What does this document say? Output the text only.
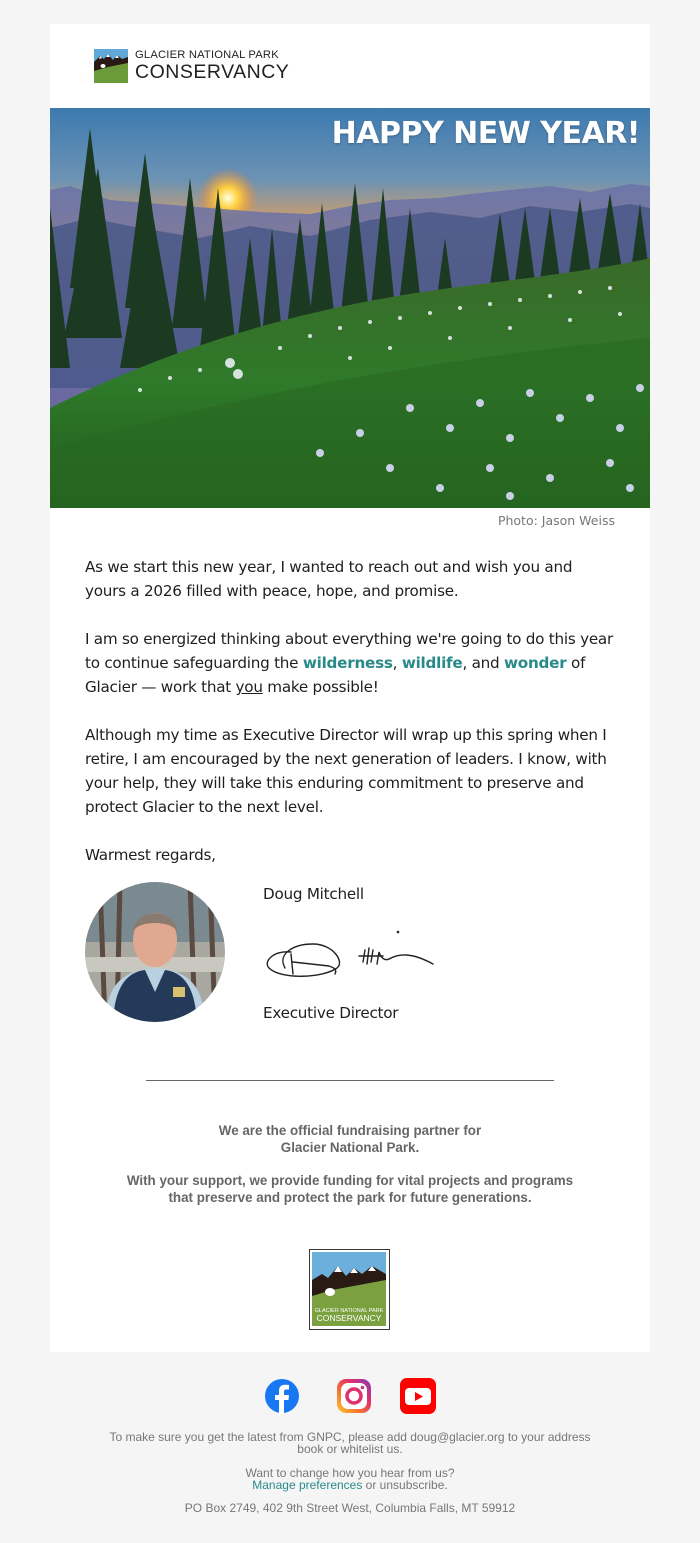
GLACIER NATIONAL PARK
CONSERVANCY
HAPPY NEW YEAR!
Photo: Jason Weiss

As we start this new year, I wanted to reach out and wish you and yours a 2026 filled with peace, hope, and promise.

I am so energized thinking about everything we're going to do this year to continue safeguarding the wilderness, wildlife, and wonder of Glacier — work that you make possible!

Although my time as Executive Director will wrap up this spring when I retire, I am encouraged by the next generation of leaders. I know, with your help, they will take this enduring commitment to preserve and protect Glacier to the next level.

Warmest regards,

Doug Mitchell
Executive Director
We are the official fundraising partner for
Glacier National Park.
With your support, we provide funding for vital projects and programs that preserve and protect the park for future generations.
GLACIER NATIONAL PARK
CONSERVANCY
To make sure you get the latest from GNPC, please add doug@glacier.org to your address book or whitelist us.
Want to change how you hear from us?
Manage preferences or unsubscribe.
PO Box 2749, 402 9th Street West, Columbia Falls, MT 59912
